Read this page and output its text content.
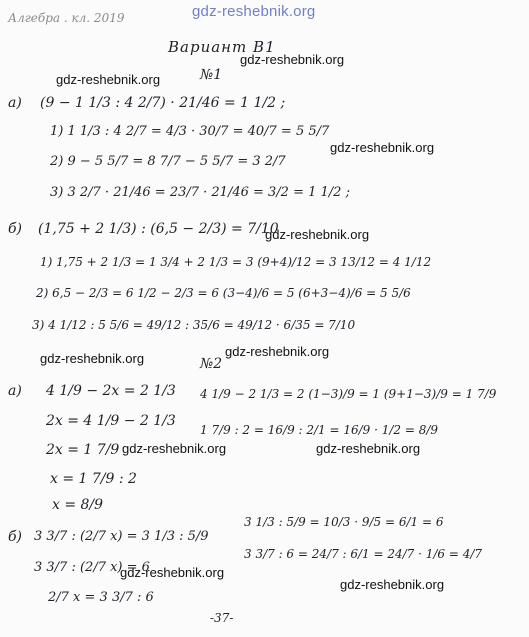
Алгебра . кл. 2019	gdz-reshebnik.org
Вариант В1
gdz-reshebnik.org
№1
gdz-reshebnik.org
а) (9 − 1 1/3 : 4 2/7) · 21/46 = 1 1/2 ;
1) 1 1/3 : 4 2/7 = 4/3 · 30/7 = 40/7 = 5 5/7
gdz-reshebnik.org
2) 9 − 5 5/7 = 8 7/7 − 5 5/7 = 3 2/7
3) 3 2/7 · 21/46 = 23/7 · 21/46 = 3/2 = 1 1/2 ;
б) (1,75 + 2 1/3) : (6,5 − 2/3) = 7/10
gdz-reshebnik.org
1) 1,75 + 2 1/3 = 1 3/4 + 2 1/3 = 3 (9+4)/12 = 3 13/12 = 4 1/12
2) 6,5 − 2/3 = 6 1/2 − 2/3 = 6 (3−4)/6 = 5 (6+3−4)/6 = 5 5/6
3) 4 1/12 : 5 5/6 = 49/12 : 35/6 = 49/12 · 6/35 = 7/10
gdz-reshebnik.org	gdz-reshebnik.org
№2
а) 4 1/9 − 2x = 2 1/3
2x = 4 1/9 − 2 1/3
2x = 1 7/9
x = 1 7/9 : 2
x = 8/9
4 1/9 − 2 1/3 = 2 (1−3)/9 = 1 (9+1−3)/9 = 1 7/9
1 7/9 : 2 = 16/9 : 2/1 = 16/9 · 1/2 = 8/9
gdz-reshebnik.org	gdz-reshebnik.org
б) 3 3/7 : (2/7 x) = 3 1/3 : 5/9
3 3/7 : (2/7 x) = 6
2/7 x = 3 3/7 : 6
3 1/3 : 5/9 = 10/3 · 9/5 = 6/1 = 6
3 3/7 : 6 = 24/7 : 6/1 = 24/7 · 1/6 = 4/7
gdz-reshebnik.org
gdz-reshebnik.org
-37-
